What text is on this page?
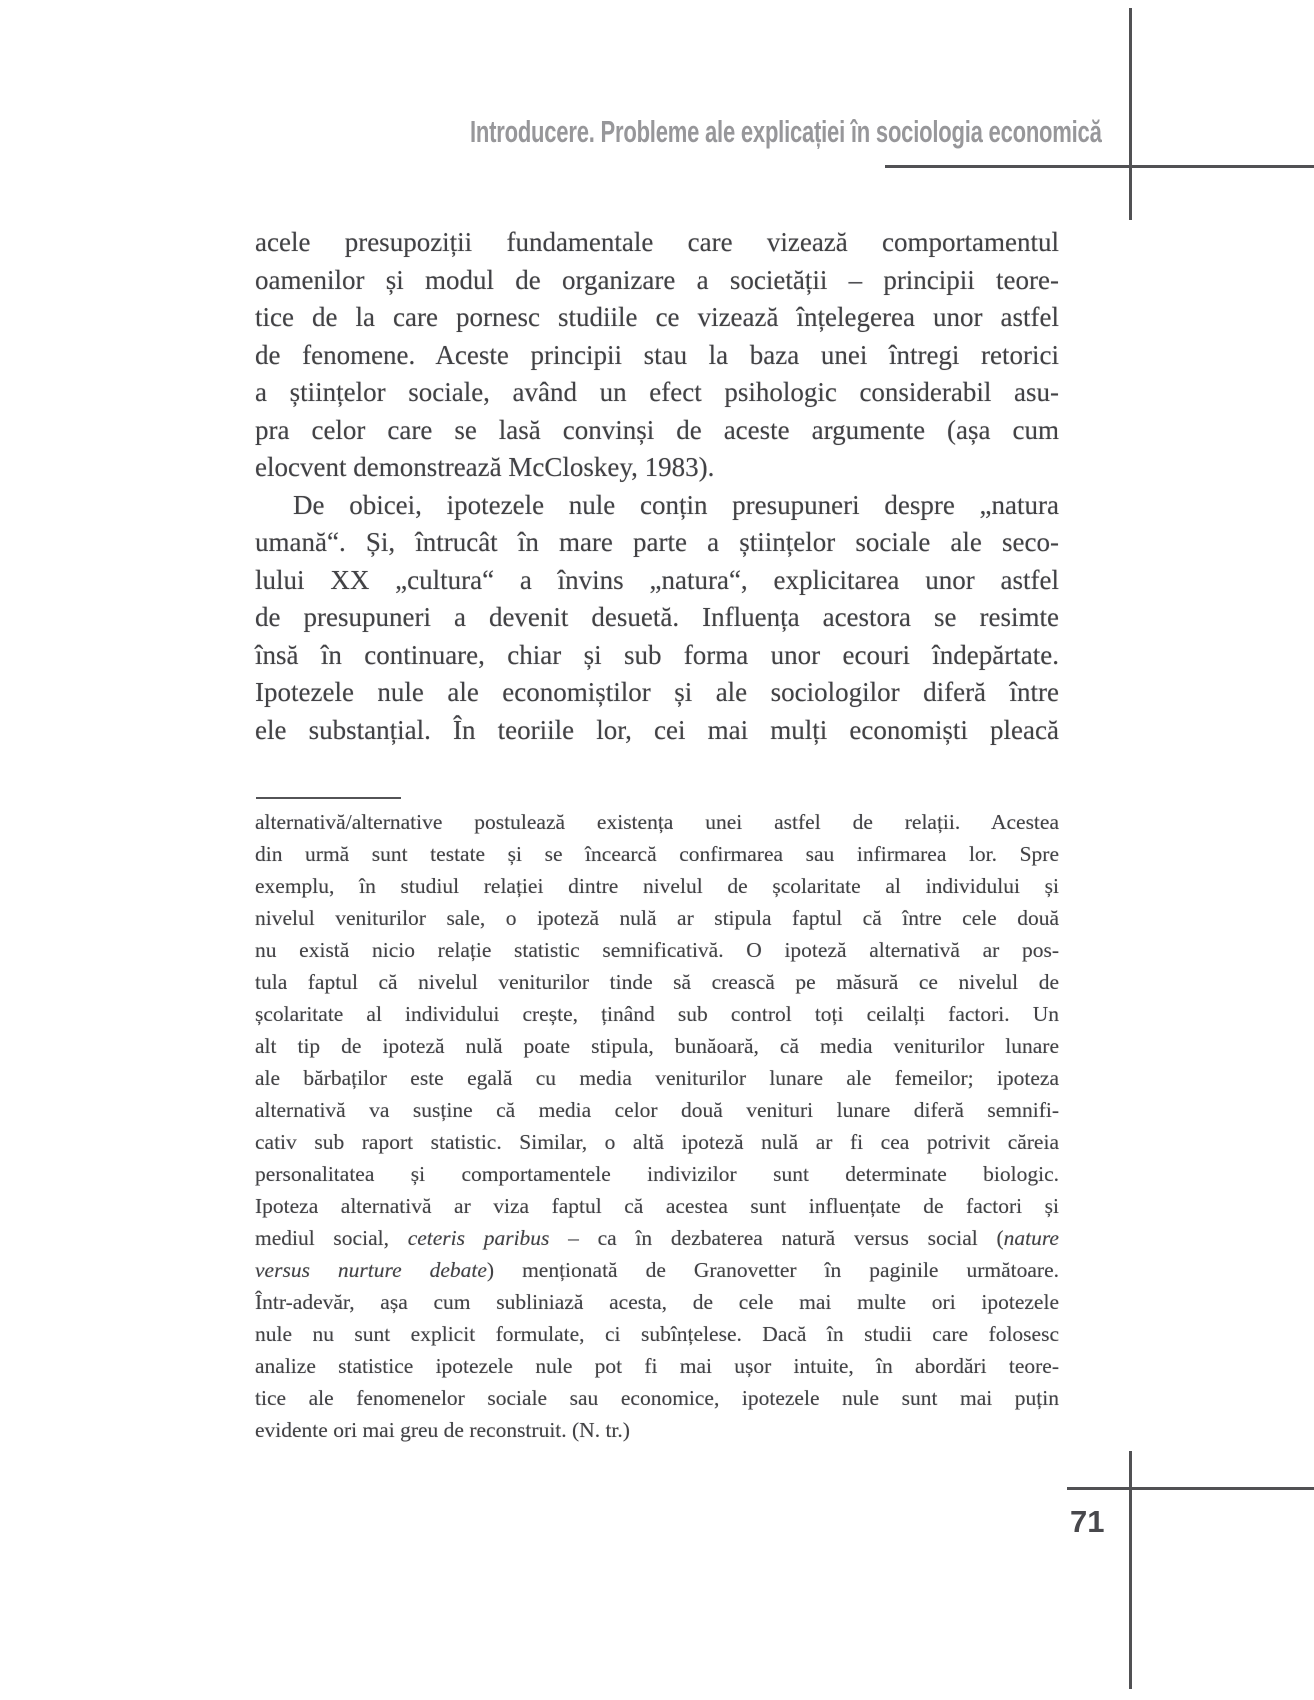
Introducere. Probleme ale explicației în sociologia economică
acele presupoziții fundamentale care vizează comportamentul
oamenilor și modul de organizare a societății – principii teore-
tice de la care pornesc studiile ce vizează înțelegerea unor astfel
de fenomene. Aceste principii stau la baza unei întregi retorici
a științelor sociale, având un efect psihologic considerabil asu-
pra celor care se lasă convinși de aceste argumente (așa cum
elocvent demonstrează McCloskey, 1983).
De obicei, ipotezele nule conțin presupuneri despre „natura
umană“. Și, întrucât în mare parte a științelor sociale ale seco-
lului XX „cultura“ a învins „natura“, explicitarea unor astfel
de presupuneri a devenit desuetă. Influența acestora se resimte
însă în continuare, chiar și sub forma unor ecouri îndepărtate.
Ipotezele nule ale economiștilor și ale sociologilor diferă între
ele substanțial. În teoriile lor, cei mai mulți economiști pleacă
alternativă/alternative postulează existența unei astfel de relații. Acestea
din urmă sunt testate și se încearcă confirmarea sau infirmarea lor. Spre
exemplu, în studiul relației dintre nivelul de școlaritate al individului și
nivelul veniturilor sale, o ipoteză nulă ar stipula faptul că între cele două
nu există nicio relație statistic semnificativă. O ipoteză alternativă ar pos-
tula faptul că nivelul veniturilor tinde să crească pe măsură ce nivelul de
școlaritate al individului crește, ținând sub control toți ceilalți factori. Un
alt tip de ipoteză nulă poate stipula, bunăoară, că media veniturilor lunare
ale bărbaților este egală cu media veniturilor lunare ale femeilor; ipoteza
alternativă va susține că media celor două venituri lunare diferă semnifi-
cativ sub raport statistic. Similar, o altă ipoteză nulă ar fi cea potrivit căreia
personalitatea și comportamentele indivizilor sunt determinate biologic.
Ipoteza alternativă ar viza faptul că acestea sunt influențate de factori și
mediul social, ceteris paribus – ca în dezbaterea natură versus social (nature
versus nurture debate) menționată de Granovetter în paginile următoare.
Într-adevăr, așa cum subliniază acesta, de cele mai multe ori ipotezele
nule nu sunt explicit formulate, ci subînțelese. Dacă în studii care folosesc
analize statistice ipotezele nule pot fi mai ușor intuite, în abordări teore-
tice ale fenomenelor sociale sau economice, ipotezele nule sunt mai puțin
evidente ori mai greu de reconstruit. (N. tr.)
71
